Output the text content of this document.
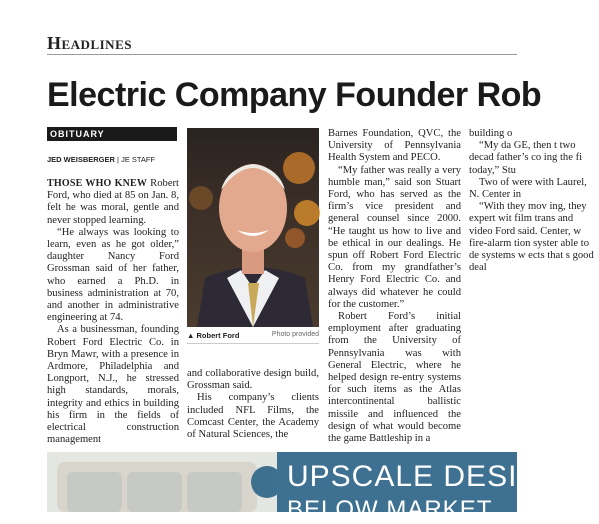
Headlines
Electric Company Founder Rob
OBITUARY
JED WEISBERGER | JE STAFF

THOSE WHO KNEW Robert Ford, who died at 85 on Jan. 8, felt he was moral, gentle and never stopped learning.

“He always was looking to learn, even as he got older,” daughter Nancy Ford Grossman said of her father, who earned a Ph.D. in business administration at 70, and another in administrative engineering at 74.

As a businessman, founding Robert Ford Electric Co. in Bryn Mawr, with a presence in Ardmore, Philadelphia and Longport, N.J., he stressed high standards, morals, integrity and ethics in building his firm in the fields of electrical construction management

▲ Robert Ford	Photo provided

and collaborative design build, Grossman said.

His company’s clients included NFL Films, the Comcast Center, the Academy of Natural Sciences, the

Barnes Foundation, QVC, the University of Pennsylvania Health System and PECO.

“My father was really a very humble man,” said son Stuart Ford, who has served as the firm’s vice president and general counsel since 2000. “He taught us how to live and be ethical in our dealings. He spun off Robert Ford Electric Co. from my grandfather’s Henry Ford Electric Co. and always did whatever he could for the customer.”

Robert Ford’s initial employment after graduating from the University of Pennsylvania was with General Electric, where he helped design re-entry systems for such items as the Atlas intercontinental ballistic missile and influenced the design of what would become the game Battleship in a

building o

“My da GE, then t two decad father’s co ing the fi today,” Stu

Two of were with Laurel, N. Center in

“With they mov ing, they expert wit film trans and video Ford said. Center, w fire-alarm tion syster able to de systems w ects that s good deal

UPSCALE DESI
BELOW MARKET
